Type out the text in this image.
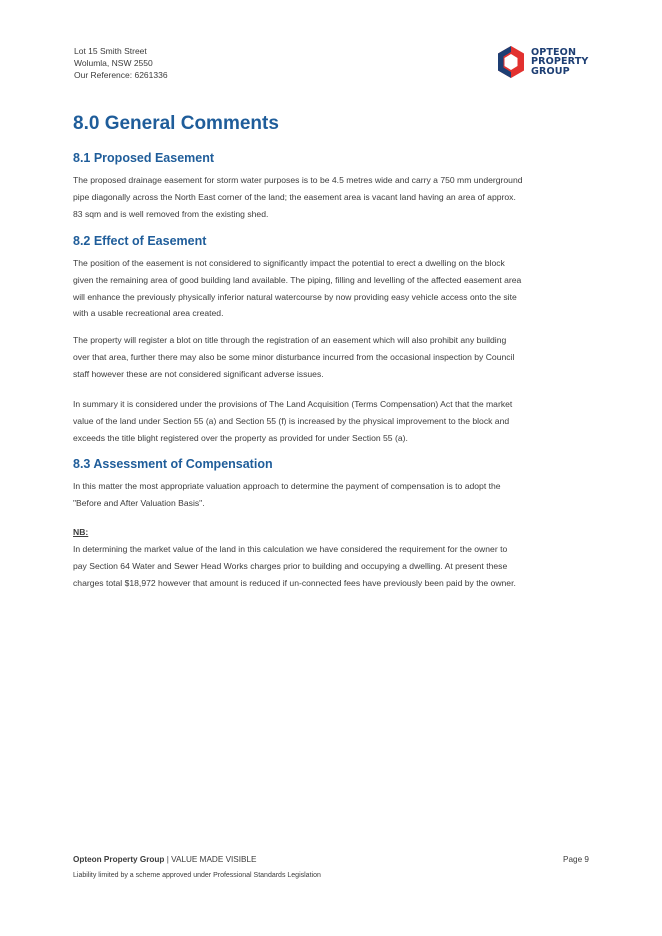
Lot 15 Smith Street
Wolumla, NSW 2550
Our Reference: 6261336
OPTEON
PROPERTY
GROUP
8.0 General Comments
8.1 Proposed Easement
The proposed drainage easement for storm water purposes is to be 4.5 metres wide and carry a 750 mm underground
pipe diagonally across the North East corner of the land; the easement area is vacant land having an area of approx.
83 sqm and is well removed from the existing shed.
8.2 Effect of Easement
The position of the easement is not considered to significantly impact the potential to erect a dwelling on the block
given the remaining area of good building land available. The piping, filling and levelling of the affected easement area
will enhance the previously physically inferior natural watercourse by now providing easy vehicle access onto the site
with a usable recreational area created.
The property will register a blot on title through the registration of an easement which will also prohibit any building
over that area, further there may also be some minor disturbance incurred from the occasional inspection by Council
staff however these are not considered significant adverse issues.
In summary it is considered under the provisions of The Land Acquisition (Terms Compensation) Act that the market
value of the land under Section 55 (a) and Section 55 (f) is increased by the physical improvement to the block and
exceeds the title blight registered over the property as provided for under Section 55 (a).
8.3 Assessment of Compensation
In this matter the most appropriate valuation approach to determine the payment of compensation is to adopt the
"Before and After Valuation Basis".
NB:
In determining the market value of the land in this calculation we have considered the requirement for the owner to
pay Section 64 Water and Sewer Head Works charges prior to building and occupying a dwelling. At present these
charges total $18,972 however that amount is reduced if un-connected fees have previously been paid by the owner.
Opteon Property Group | VALUE MADE VISIBLE	Page 9
Liability limited by a scheme approved under Professional Standards Legislation
